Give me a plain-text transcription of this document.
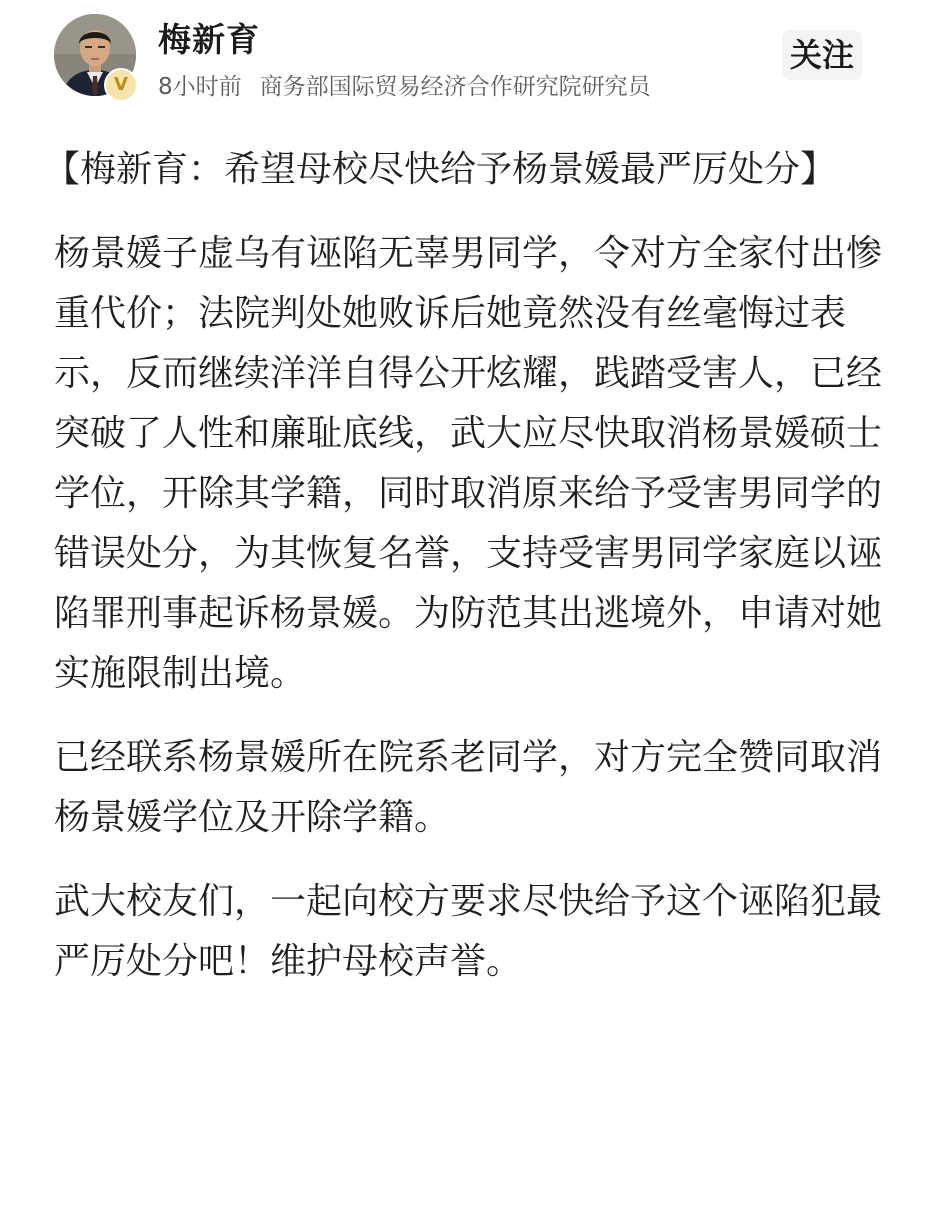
V
梅新育
8小时前 商务部国际贸易经济合作研究院研究员
关注

【梅新育：希望母校尽快给予杨景媛最严厉处分】

杨景媛子虚乌有诬陷无辜男同学，令对方全家付出惨重代价；法院判处她败诉后她竟然没有丝毫悔过表示，反而继续洋洋自得公开炫耀，践踏受害人，已经突破了人性和廉耻底线，武大应尽快取消杨景媛硕士学位，开除其学籍，同时取消原来给予受害男同学的错误处分，为其恢复名誉，支持受害男同学家庭以诬陷罪刑事起诉杨景媛。为防范其出逃境外，申请对她实施限制出境。

已经联系杨景媛所在院系老同学，对方完全赞同取消杨景媛学位及开除学籍。

武大校友们，一起向校方要求尽快给予这个诬陷犯最严厉处分吧！维护母校声誉。
